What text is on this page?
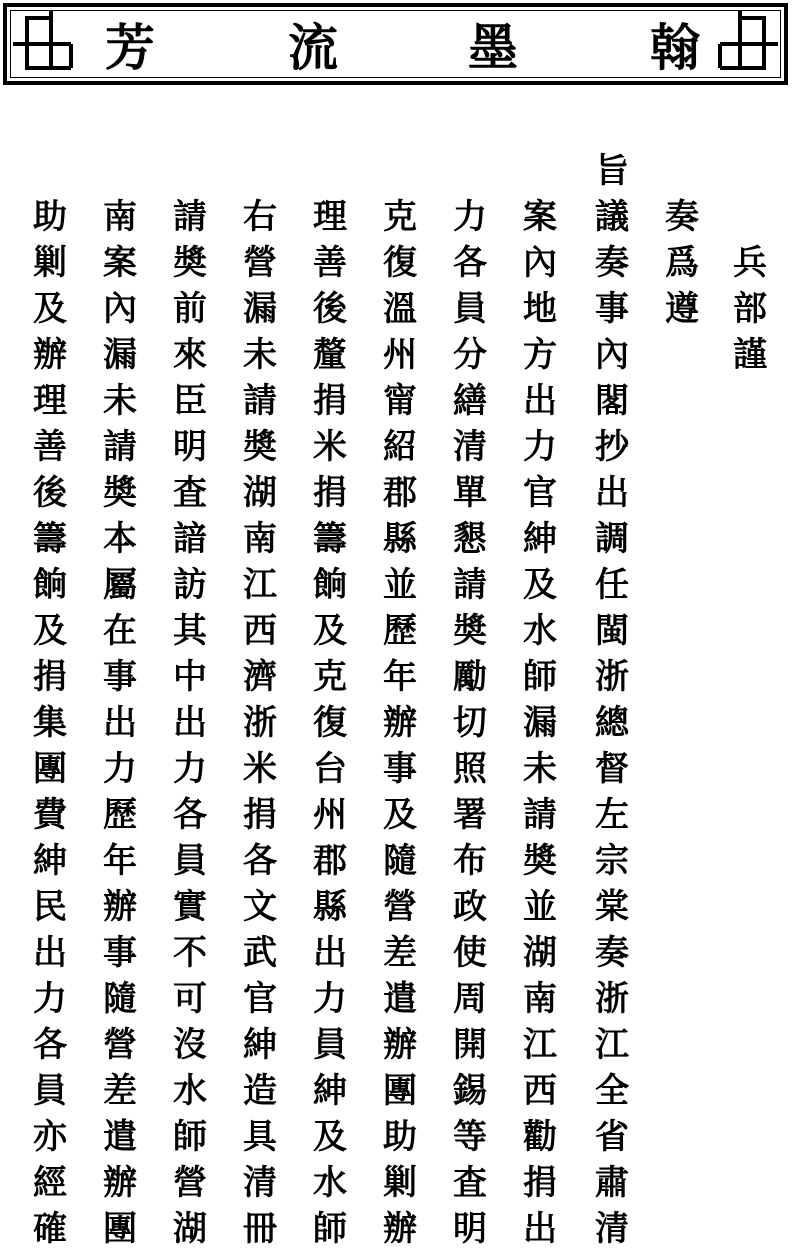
芳	流	墨	翰
兵
部
謹
奏
爲
遵
旨
議
奏
事
內
閣
抄
出
調
任
閩
浙
總
督
左
宗
棠
奏
浙
江
全
省
肅
清
案
內
地
方
出
力
官
紳
及
水
師
漏
未
請
奬
並
湖
南
江
西
勸
捐
出
力
各
員
分
繕
清
單
懇
請
奬
勵
切
照
署
布
政
使
周
開
錫
等
査
明
克
復
溫
州
甯
紹
郡
縣
並
歷
年
辦
事
及
隨
營
差
遣
辦
團
助
剿
辦
理
善
後
釐
捐
米
捐
籌
餉
及
克
復
台
州
郡
縣
出
力
員
紳
及
水
師
右
營
漏
未
請
奬
湖
南
江
西
濟
浙
米
捐
各
文
武
官
紳
造
具
清
冊
請
奬
前
來
臣
明
査
諳
訪
其
中
出
力
各
員
實
不
可
沒
水
師
營
湖
南
案
內
漏
未
請
奬
本
屬
在
事
出
力
歷
年
辦
事
隨
營
差
遣
辦
團
助
剿
及
辦
理
善
後
籌
餉
及
捐
集
團
費
紳
民
出
力
各
員
亦
經
確
